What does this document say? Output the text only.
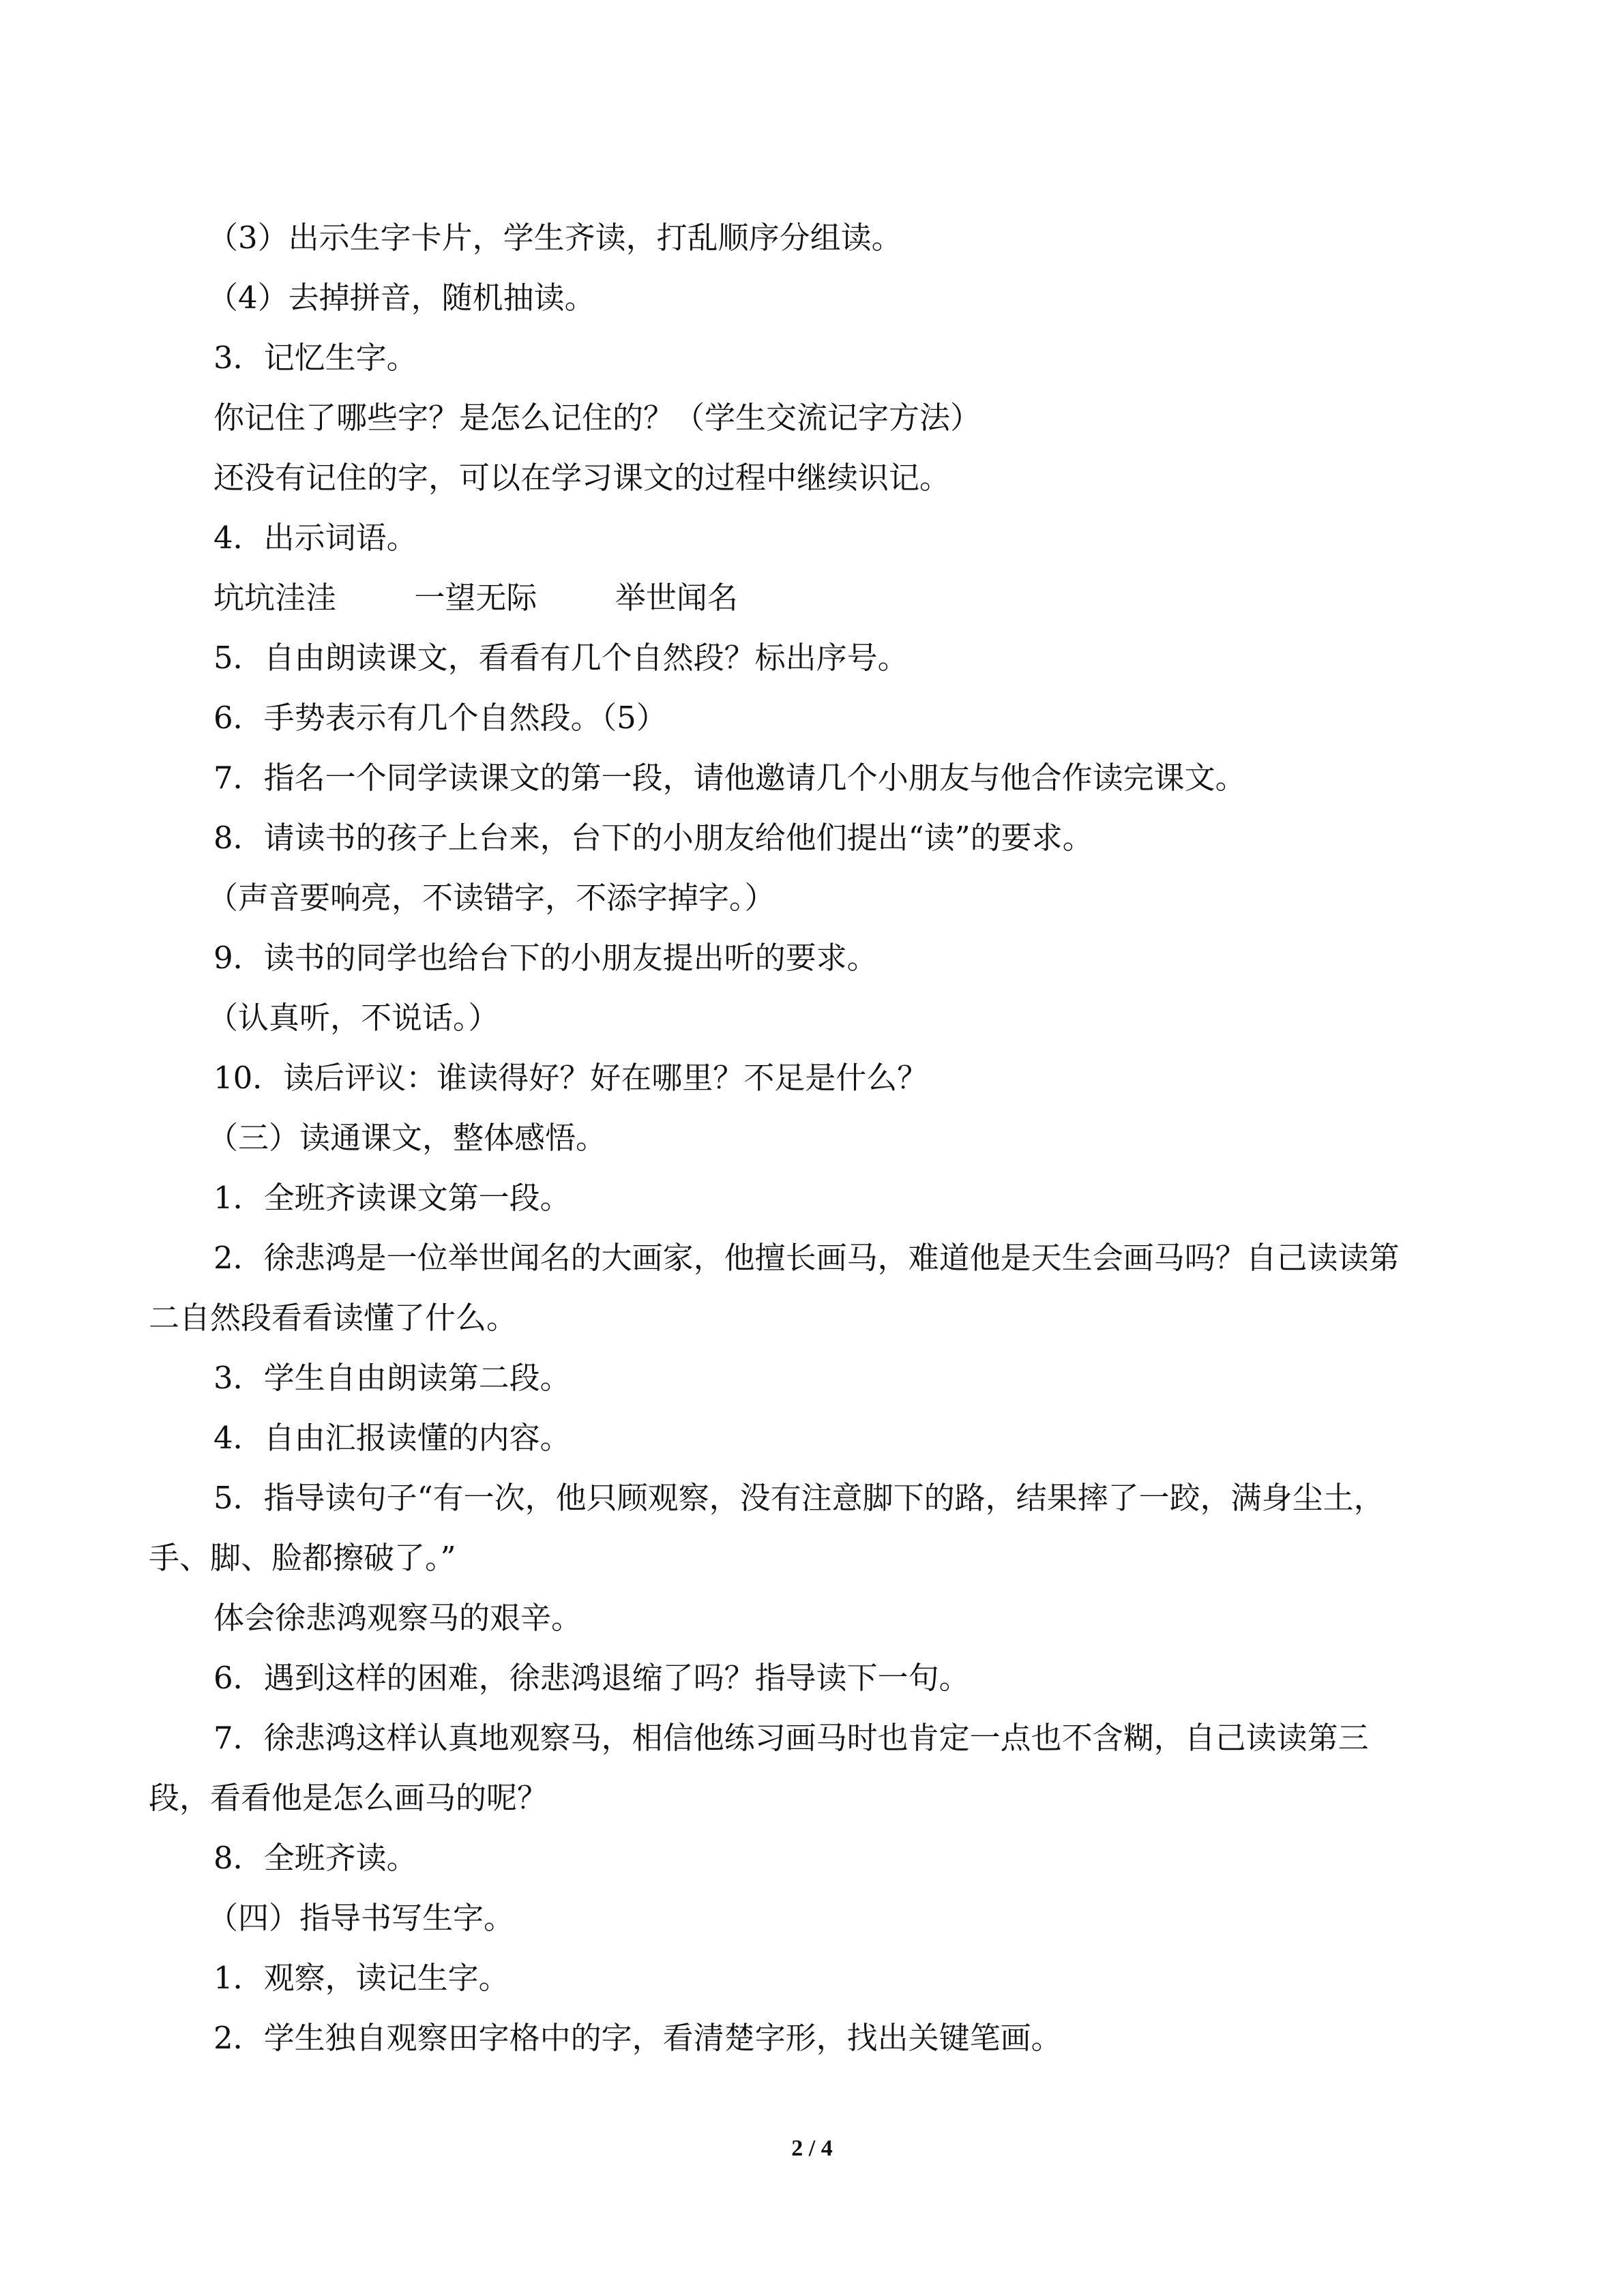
（3）出示生字卡片，学生齐读，打乱顺序分组读。

（4）去掉拼音，随机抽读。

3．记忆生字。

你记住了哪些字？是怎么记住的？（学生交流记字方法）

还没有记住的字，可以在学习课文的过程中继续识记。

4．出示词语。

坑坑洼洼        一望无际        举世闻名

5．自由朗读课文，看看有几个自然段？标出序号。

6．手势表示有几个自然段。（5）

7．指名一个同学读课文的第一段，请他邀请几个小朋友与他合作读完课文。

8．请读书的孩子上台来，台下的小朋友给他们提出“读”的要求。

（声音要响亮，不读错字，不添字掉字。）

9．读书的同学也给台下的小朋友提出听的要求。

（认真听，不说话。）

10．读后评议：谁读得好？好在哪里？不足是什么？

（三）读通课文，整体感悟。

1．全班齐读课文第一段。

2．徐悲鸿是一位举世闻名的大画家，他擅长画马，难道他是天生会画马吗？自己读读第

二自然段看看读懂了什么。

3．学生自由朗读第二段。

4．自由汇报读懂的内容。

5．指导读句子“有一次，他只顾观察，没有注意脚下的路，结果摔了一跤，满身尘土，

手、脚、脸都擦破了。”

体会徐悲鸿观察马的艰辛。

6．遇到这样的困难，徐悲鸿退缩了吗？指导读下一句。

7．徐悲鸿这样认真地观察马，相信他练习画马时也肯定一点也不含糊，自己读读第三

段，看看他是怎么画马的呢？

8．全班齐读。

（四）指导书写生字。

1．观察，读记生字。

2．学生独自观察田字格中的字，看清楚字形，找出关键笔画。

2 / 4
